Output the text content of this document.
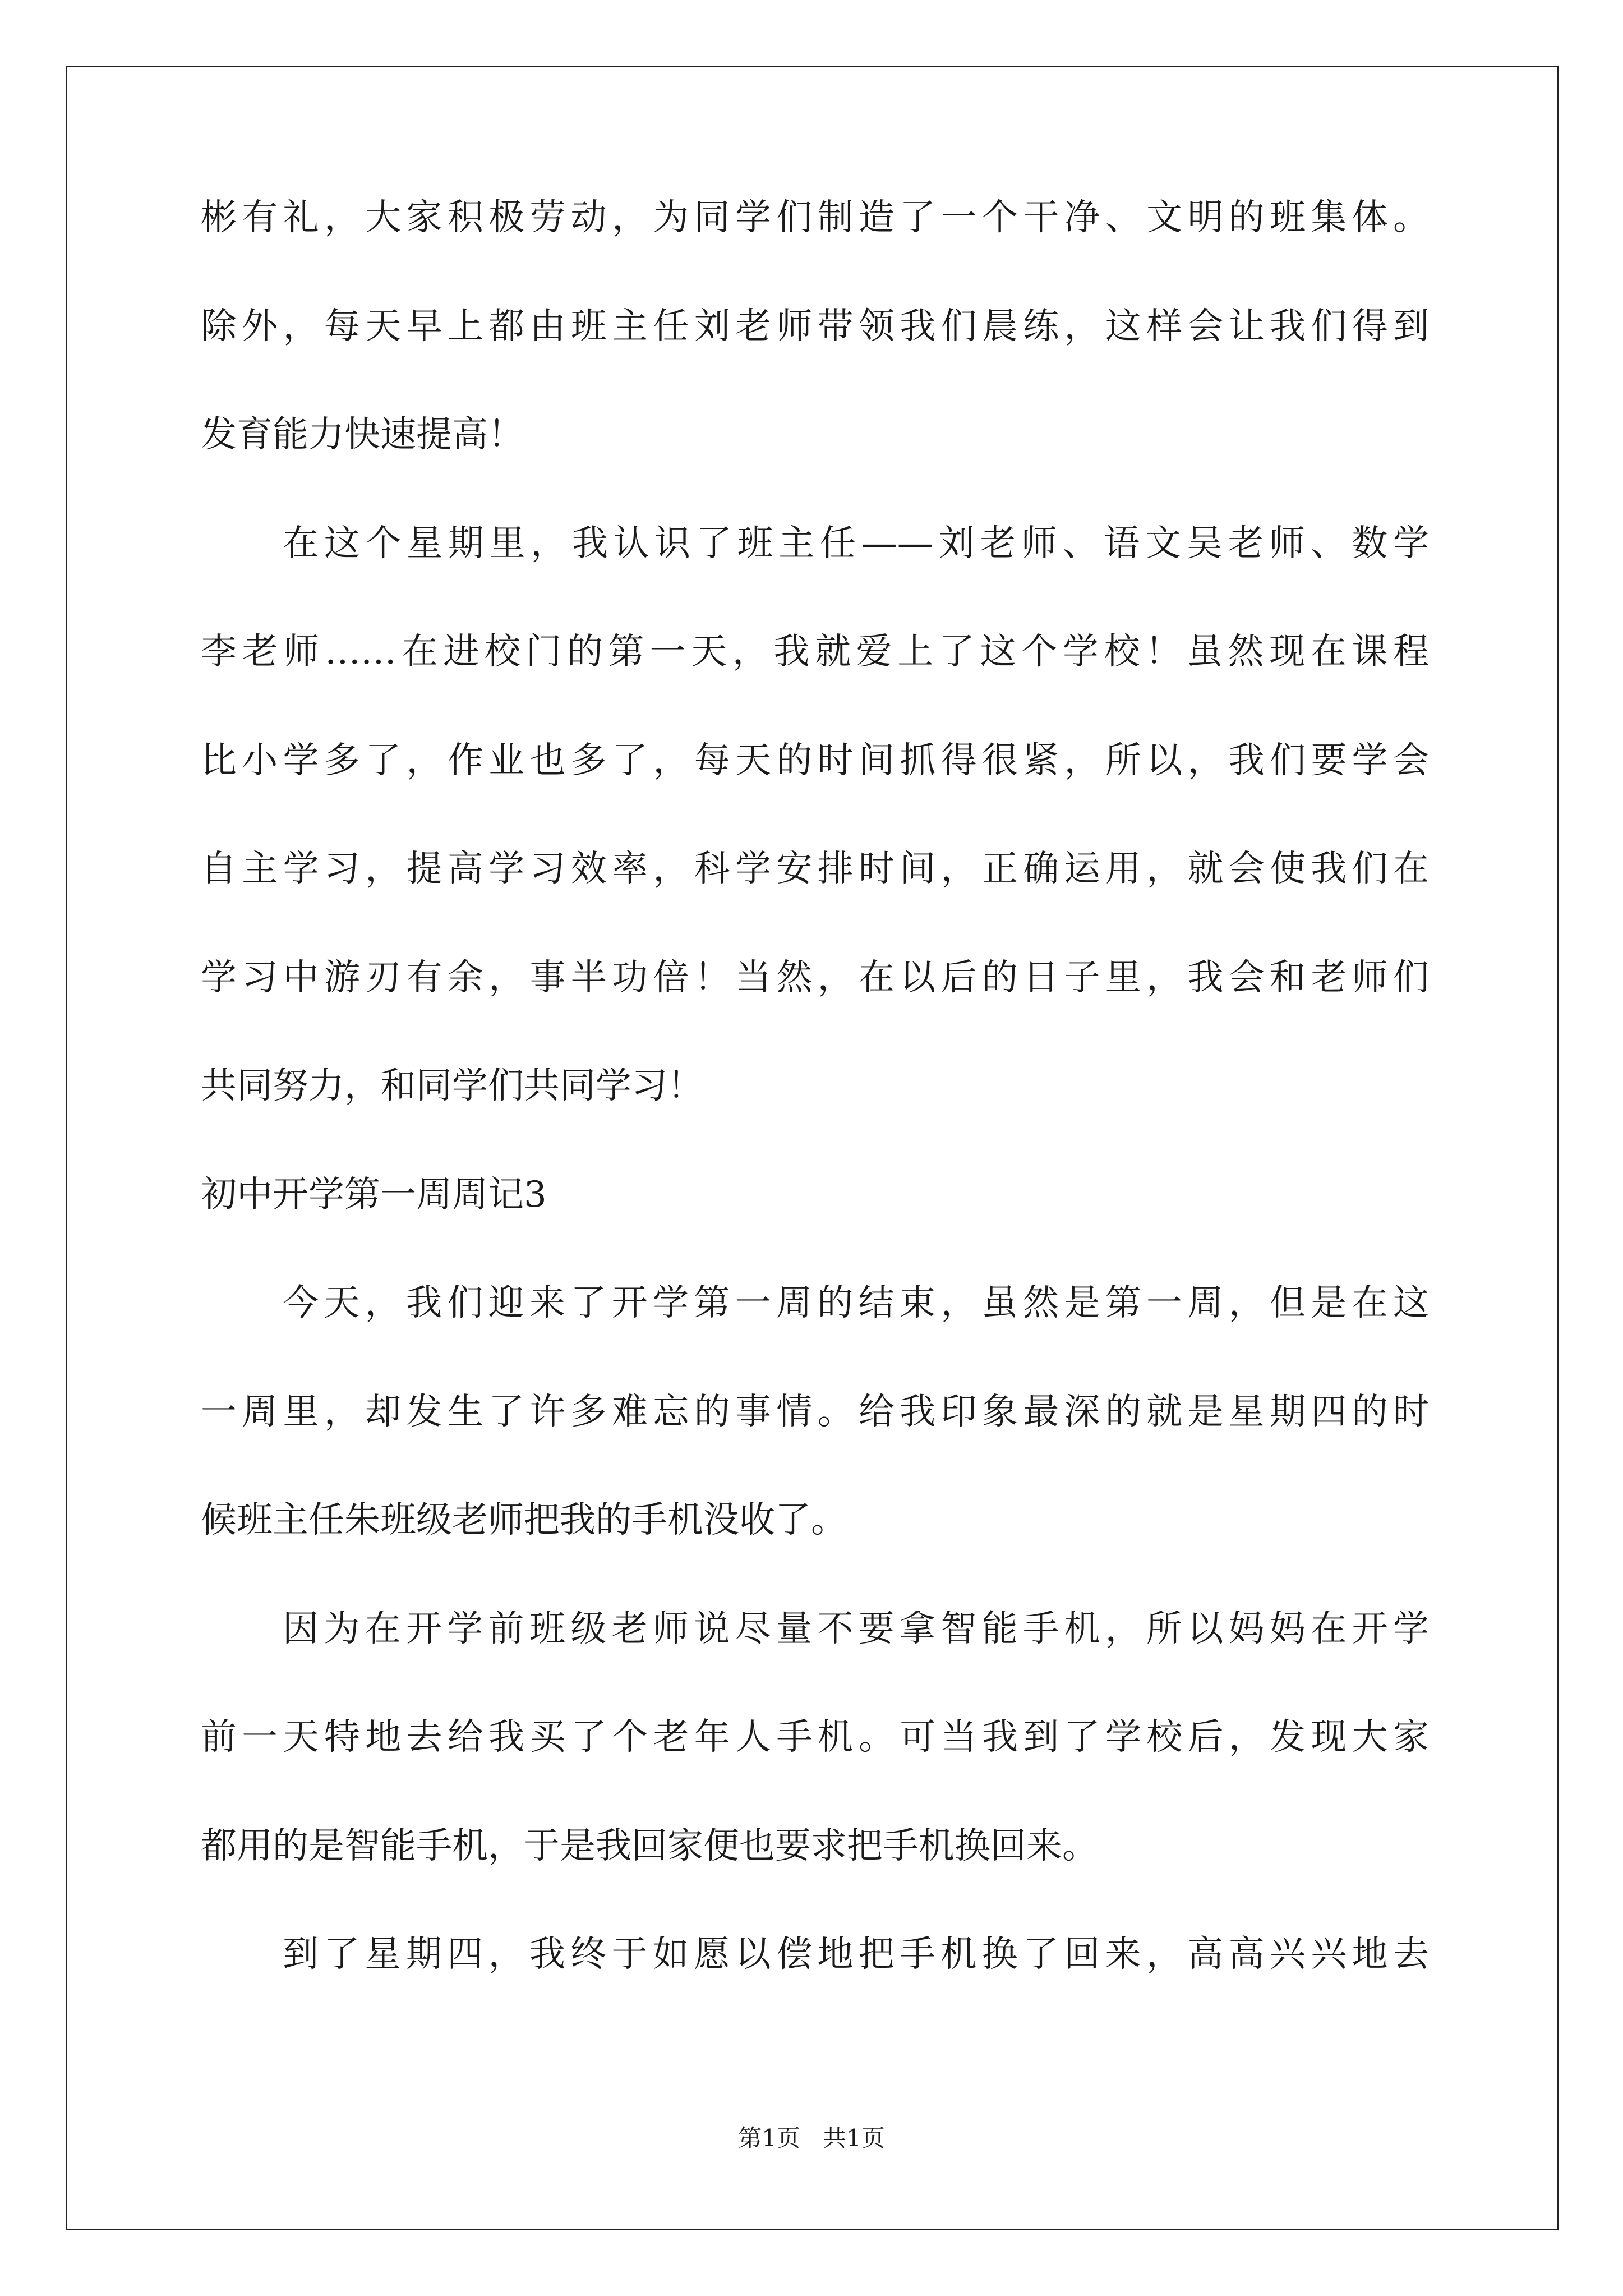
彬有礼，大家积极劳动，为同学们制造了一个干净、文明的班集体。
除外，每天早上都由班主任刘老师带领我们晨练，这样会让我们得到
发育能力快速提高！
在这个星期里，我认识了班主任——刘老师、语文吴老师、数学
李老师……在进校门的第一天，我就爱上了这个学校！虽然现在课程
比小学多了，作业也多了，每天的时间抓得很紧，所以，我们要学会
自主学习，提高学习效率，科学安排时间，正确运用，就会使我们在
学习中游刃有余，事半功倍！当然，在以后的日子里，我会和老师们
共同努力，和同学们共同学习！
初中开学第一周周记3
今天，我们迎来了开学第一周的结束，虽然是第一周，但是在这
一周里，却发生了许多难忘的事情。给我印象最深的就是星期四的时
候班主任朱班级老师把我的手机没收了。
因为在开学前班级老师说尽量不要拿智能手机，所以妈妈在开学
前一天特地去给我买了个老年人手机。可当我到了学校后，发现大家
都用的是智能手机，于是我回家便也要求把手机换回来。
到了星期四，我终于如愿以偿地把手机换了回来，高高兴兴地去
第1页 共1页
